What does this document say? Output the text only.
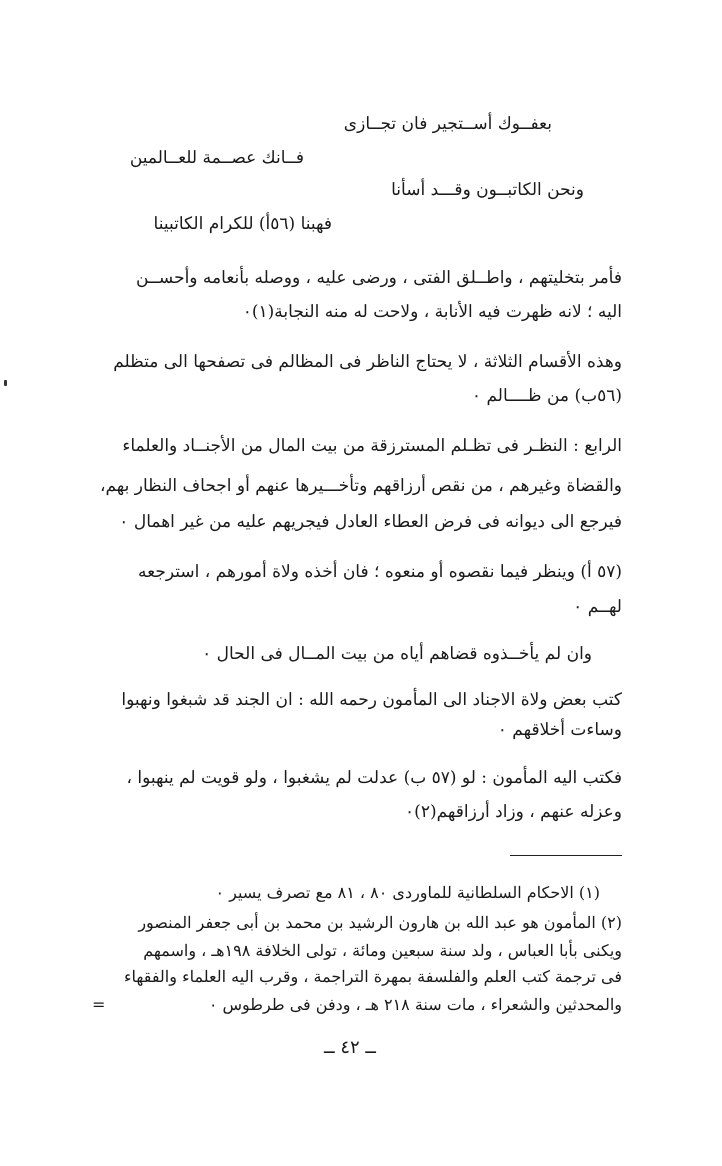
بعفــوك أســتجير فان تجــازى
فــانك عصــمة للعــالمين
ونحن الكاتبــون وقـــد أسأنا
فهبنا (٥٦أ) للكرام الكاتبينا
فأمر بتخليتهم ، واطــلق الفتى ، ورضى عليه ، ووصله بأنعامه وأحســن
اليه ؛ لانه ظهرت فيه الأنابة ، ولاحت له منه النجابة(١)٠
وهذه الأقسام الثلاثة ، لا يحتاج الناظر فى المظالم فى تصفحها الى متظلم
(٥٦ب) من ظــــالم ٠
الرابع : النظـر فى تظـلم المسترزقة من بيت المال من الأجنــاد والعلماء
والقضاة وغيرهم ، من نقص أرزاقهم وتأخـــيرها عنهم أو اجحاف النظار بهم،
فيرجع الى ديوانه فى فرض العطاء العادل فيجريهم عليه من غير اهمال ٠
(٥٧ أ) وينظر فيما نقصوه أو منعوه ؛ فان أخذه ولاة أمورهم ، استرجعه
لهــم ٠
وان لم يأخــذوه قضاهم أياه من بيت المــال فى الحال ٠
كتب بعض ولاة الاجناد الى المأمون رحمه الله : ان الجند قد شبغوا ونهبوا
وساءت أخلاقهم ٠
فكتب اليه المأمون : لو (٥٧ ب) عدلت لم يشغبوا ، ولو قويت لم ينهبوا ،
وعزله عنهم ، وزاد أرزاقهم(٢)٠
(١) الاحكام السلطانية للماوردى ٨٠ ، ٨١ مع تصرف يسير ٠
(٢) المأمون هو عبد الله بن هارون الرشيد بن محمد بن أبى جعفر المنصور
ويكنى بأبا العباس ، ولد سنة سبعين ومائة ، تولى الخلافة ١٩٨هـ ، واسمهم
فى ترجمة كتب العلم والفلسفة بمهرة التراجمة ، وقرب اليه العلماء والفقهاء
والمحدثين والشعراء ، مات سنة ٢١٨ هـ ، ودفن فى طرطوس ٠
=
ــ ٤٢ ــ
